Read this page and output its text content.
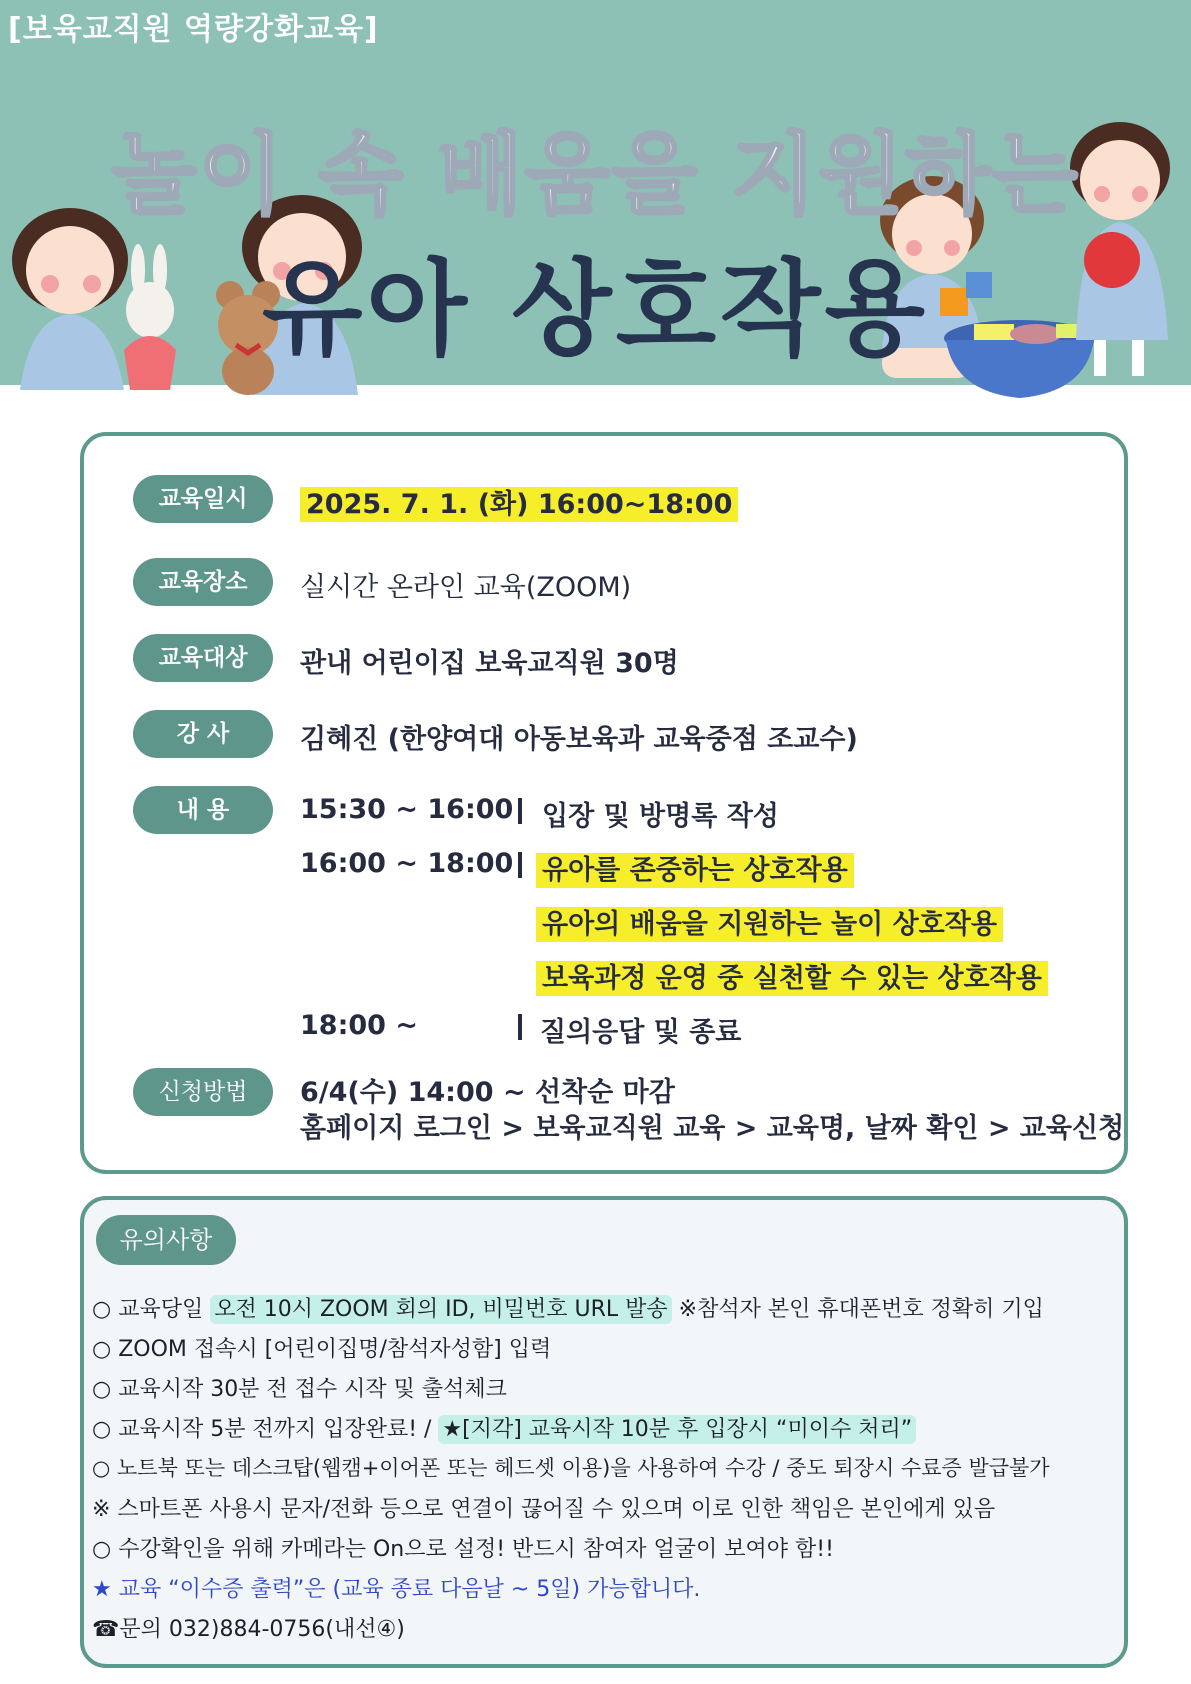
[보육교직원 역량강화교육]
놀이 속 배움을 지원하는
유아 상호작용
교육일시	2025. 7. 1. (화) 16:00~18:00
교육장소	실시간 온라인 교육(ZOOM)
교육대상	관내 어린이집 보육교직원 30명
강 사	김혜진 (한양여대 아동보육과 교육중점 조교수)
내 용	15:30 ~ 16:00 입장 및 방명록 작성
16:00 ~ 18:00 유아를 존중하는 상호작용
유아의 배움을 지원하는 놀이 상호작용
보육과정 운영 중 실천할 수 있는 상호작용
18:00 ~	질의응답 및 종료
신청방법	6/4(수) 14:00 ~ 선착순 마감
홈페이지 로그인 > 보육교직원 교육 > 교육명, 날짜 확인 > 교육신청
유의사항
○ 교육당일 오전 10시 ZOOM 회의 ID, 비밀번호 URL 발송 ※참석자 본인 휴대폰번호 정확히 기입
○ ZOOM 접속시 [어린이집명/참석자성함] 입력
○ 교육시작 30분 전 접수 시작 및 출석체크
○ 교육시작 5분 전까지 입장완료! / ★[지각] 교육시작 10분 후 입장시 “미이수 처리”
○ 노트북 또는 데스크탑(웹캠+이어폰 또는 헤드셋 이용)을 사용하여 수강 / 중도 퇴장시 수료증 발급불가
※ 스마트폰 사용시 문자/전화 등으로 연결이 끊어질 수 있으며 이로 인한 책임은 본인에게 있음
○ 수강확인을 위해 카메라는 On으로 설정! 반드시 참여자 얼굴이 보여야 함!!
★ 교육 “이수증 출력”은 (교육 종료 다음날 ~ 5일) 가능합니다.
☎문의 032)884-0756(내선④)
